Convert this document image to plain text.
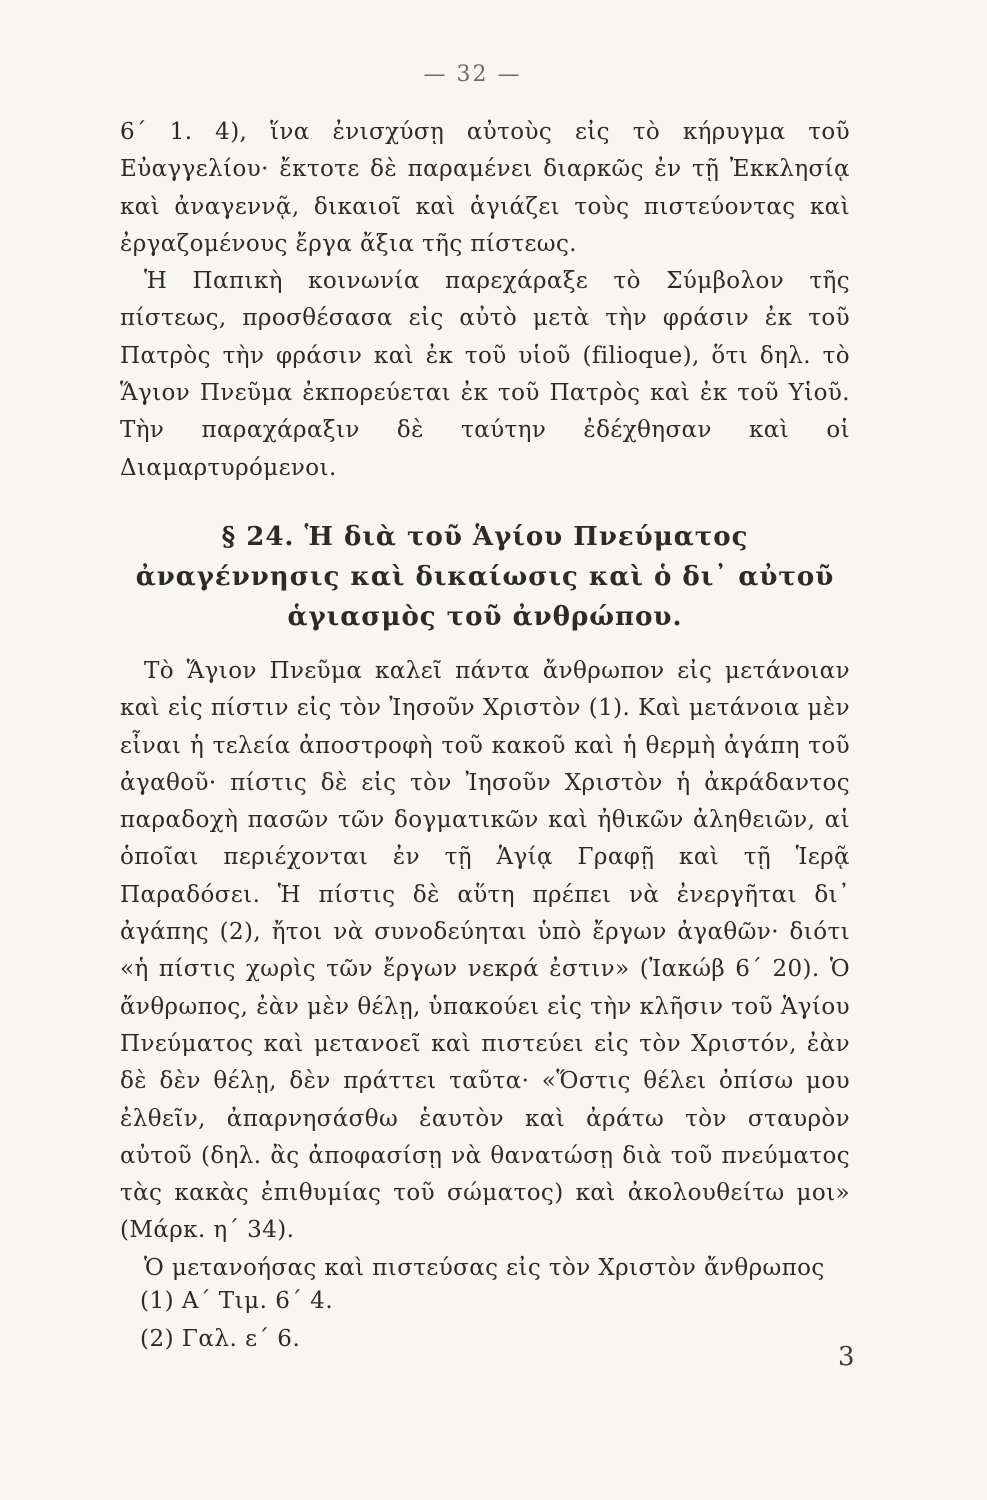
— 32 —

6΄ 1. 4), ἵνα ἐνισχύσῃ αὐτοὺς εἰς τὸ κήρυγμα τοῦ Εὐαγγελίου· ἔκτοτε δὲ παραμένει διαρκῶς ἐν τῇ Ἐκκλησίᾳ καὶ ἀναγεννᾷ, δικαιοῖ καὶ ἁγιάζει τοὺς πιστεύοντας καὶ ἐργαζομένους ἔργα ἄξια τῆς πίστεως.

Ἡ Παπικὴ κοινωνία παρεχάραξε τὸ Σύμβολον τῆς πίστεως, προσθέσασα εἰς αὐτὸ μετὰ τὴν φράσιν ἐκ τοῦ Πατρὸς τὴν φράσιν καὶ ἐκ τοῦ υἱοῦ (filioque), ὅτι δηλ. τὸ Ἅγιον Πνεῦμα ἐκπορεύεται ἐκ τοῦ Πατρὸς καὶ ἐκ τοῦ Υἱοῦ. Τὴν παραχάραξιν δὲ ταύτην ἐδέχθησαν καὶ οἱ Διαμαρτυρόμενοι.

§ 24. Ἡ διὰ τοῦ Ἁγίου Πνεύματος ἀναγέννησις καὶ δικαίωσις καὶ ὁ δι᾿ αὐτοῦ ἁγιασμὸς τοῦ ἀνθρώπου.

Τὸ Ἅγιον Πνεῦμα καλεῖ πάντα ἄνθρωπον εἰς μετάνοιαν καὶ εἰς πίστιν εἰς τὸν Ἰησοῦν Χριστὸν (1). Καὶ μετάνοια μὲν εἶναι ἡ τελεία ἀποστροφὴ τοῦ κακοῦ καὶ ἡ θερμὴ ἀγάπη τοῦ ἀγαθοῦ· πίστις δὲ εἰς τὸν Ἰησοῦν Χριστὸν ἡ ἀκράδαντος παραδοχὴ πασῶν τῶν δογματικῶν καὶ ἠθικῶν ἀληθειῶν, αἱ ὁποῖαι περιέχονται ἐν τῇ Ἁγίᾳ Γραφῇ καὶ τῇ Ἱερᾷ Παραδόσει. Ἡ πίστις δὲ αὕτη πρέπει νὰ ἐνεργῆται δι᾿ ἀγάπης (2), ἤτοι νὰ συνοδεύηται ὑπὸ ἔργων ἀγαθῶν· διότι «ἡ πίστις χωρὶς τῶν ἔργων νεκρά ἐστιν» (Ἰακώβ 6΄ 20). Ὁ ἄνθρωπος, ἐὰν μὲν θέλῃ, ὑπακούει εἰς τὴν κλῆσιν τοῦ Ἁγίου Πνεύματος καὶ μετανοεῖ καὶ πιστεύει εἰς τὸν Χριστόν, ἐὰν δὲ δὲν θέλῃ, δὲν πράττει ταῦτα· «Ὅστις θέλει ὀπίσω μου ἐλθεῖν, ἀπαρνησάσθω ἑαυτὸν καὶ ἀράτω τὸν σταυρὸν αὐτοῦ (δηλ. ἂς ἀποφασίσῃ νὰ θανατώσῃ διὰ τοῦ πνεύματος τὰς κακὰς ἐπιθυμίας τοῦ σώματος) καὶ ἀκολουθείτω μοι» (Μάρκ. η΄ 34).

Ὁ μετανοήσας καὶ πιστεύσας εἰς τὸν Χριστὸν ἄνθρωπος

(1) Α΄ Τιμ. 6΄ 4.
(2) Γαλ. ε΄ 6.
3
